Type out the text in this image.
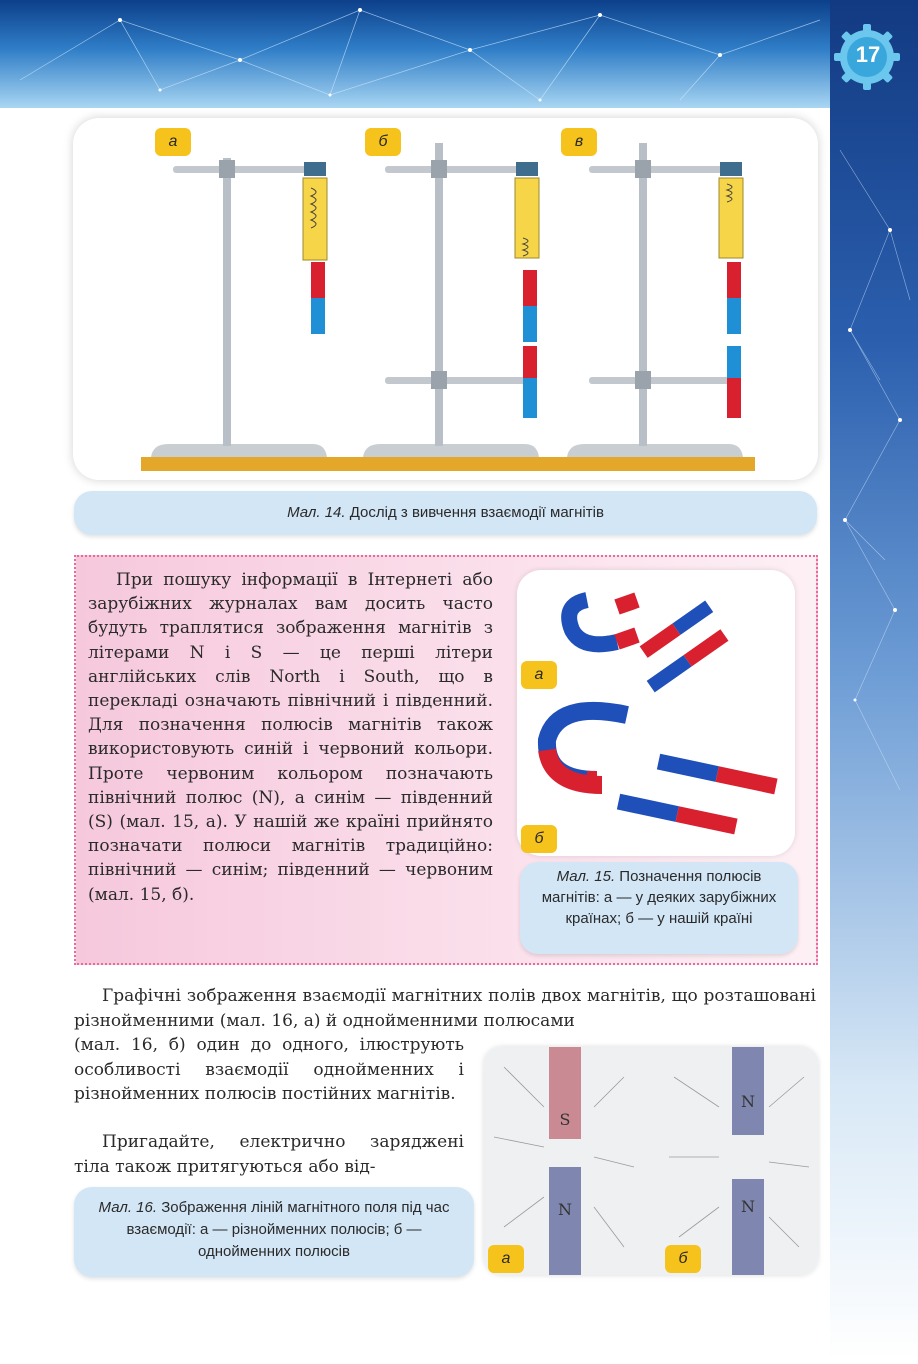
17
а	б	в
Мал. 14. Дослід з вивчення взаємодії магнітів
При пошуку інформації в Інтернеті або зарубіжних журналах вам досить часто будуть траплятися зображення магнітів з літерами N і S — це перші літери англійських слів North і South, що в перекладі означають північний і південний. Для позначення полюсів магнітів також використовують синій і червоний кольори. Проте червоним кольором позначають північний полюс (N), а синім — південний (S) (мал. 15, а). У нашій же країні прийнято позначати полюси магнітів традиційно: північний — синім; південний — червоним (мал. 15, б).
а
б
Мал. 15. Позначення полюсів магнітів: а — у деяких зарубіжних країнах; б — у нашій країні
Графічні зображення взаємодії магнітних полів двох магнітів, що розташовані різнойменними (мал. 16, а) й однойменними полюсами
(мал. 16, б) один до одного, ілюструють особливості взаємодії однойменних і різнойменних полюсів постійних магнітів.
Пригадайте, електрично заряджені тіла також притягуються або від-
S
N
N
N
а	б
Мал. 16. Зображення ліній магнітного поля під час взаємодії: а — різнойменних полюсів; б — однойменних полюсів
